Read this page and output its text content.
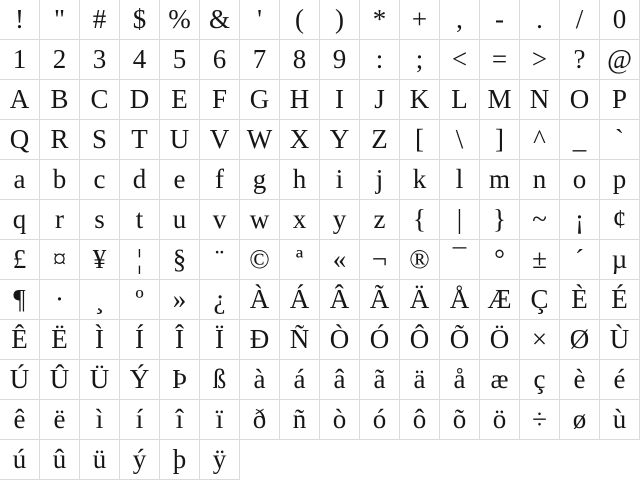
!	"	# $ % &	'	(	)	* +	,	-	.	/	0
1 2 3 4 5 6 7 8 9	:	;	< = > ? @
A B C D E F G H I	J K L M N O P
Q R S T U V W X Y Z	[	\	]	^ _	`
a	b	c	d	e	f	g h	i	j	k	l m n o p
q	r	s	t	u v w x y	z	{	|	} ~	¡	¢
£ ¤ ¥	¦	§	¨ © ª	« ¬ ® ¯	°	±	´	µ
¶	·	¸	º	»	¿ À Á Â Ã Ä Å Æ Ç È É
Ê Ë	Ì	Í	Î	Ï Ð Ñ Ò Ó Ô Õ Ö × Ø Ù
Ú Û Ü Ý Þ ß	à	á	â	ã	ä	å æ ç	è	é
ê	ë	ì	í	î	ï	ð ñ ò ó ô õ ö ÷ ø ù
ú û ü ý þ ÿ
